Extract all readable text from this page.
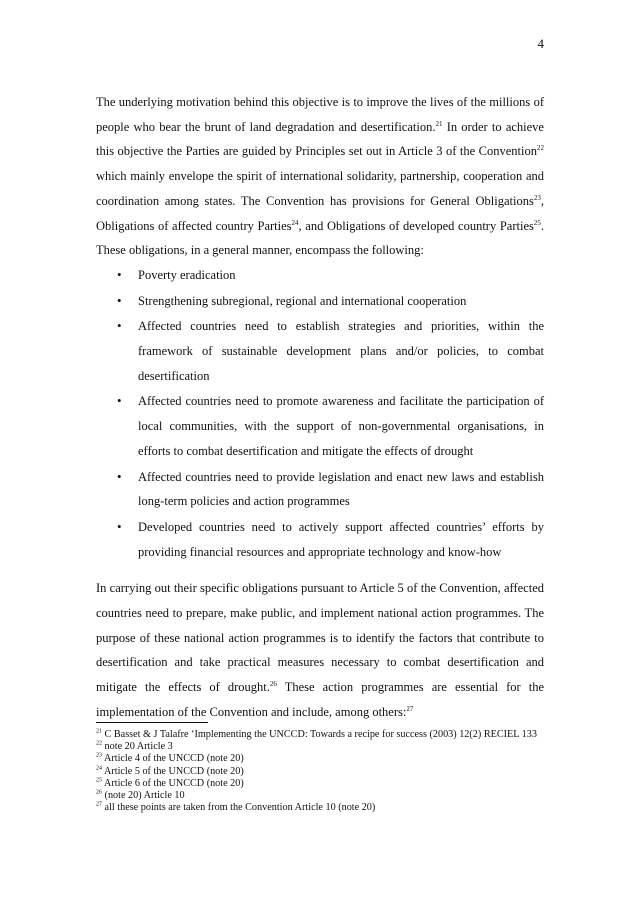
4

The underlying motivation behind this objective is to improve the lives of the millions of people who bear the brunt of land degradation and desertification.$^{21}$ In order to achieve this objective the Parties are guided by Principles set out in Article 3 of the Convention$^{22}$ which mainly envelope the spirit of international solidarity, partnership, cooperation and coordination among states. The Convention has provisions for General Obligations$^{23}$, Obligations of affected country Parties$^{24}$, and Obligations of developed country Parties$^{25}$. These obligations, in a general manner, encompass the following:

• Poverty eradication
• Strengthening subregional, regional and international cooperation
• Affected countries need to establish strategies and priorities, within the framework of sustainable development plans and/or policies, to combat desertification
• Affected countries need to promote awareness and facilitate the participation of local communities, with the support of non-governmental organisations, in efforts to combat desertification and mitigate the effects of drought
• Affected countries need to provide legislation and enact new laws and establish long-term policies and action programmes
• Developed countries need to actively support affected countries’ efforts by providing financial resources and appropriate technology and know-how

In carrying out their specific obligations pursuant to Article 5 of the Convention, affected countries need to prepare, make public, and implement national action programmes. The purpose of these national action programmes is to identify the factors that contribute to desertification and take practical measures necessary to combat desertification and mitigate the effects of drought.$^{26}$ These action programmes are essential for the implementation of the Convention and include, among others:$^{27}$

$^{21}$ C Basset & J Talafre ‘Implementing the UNCCD: Towards a recipe for success (2003) 12(2) RECIEL 133

$^{22}$ note 20 Article 3

$^{23}$ Article 4 of the UNCCD (note 20)

$^{24}$ Article 5 of the UNCCD (note 20)

$^{25}$ Article 6 of the UNCCD (note 20)

$^{26}$ (note 20) Article 10

$^{27}$ all these points are taken from the Convention Article 10 (note 20)
